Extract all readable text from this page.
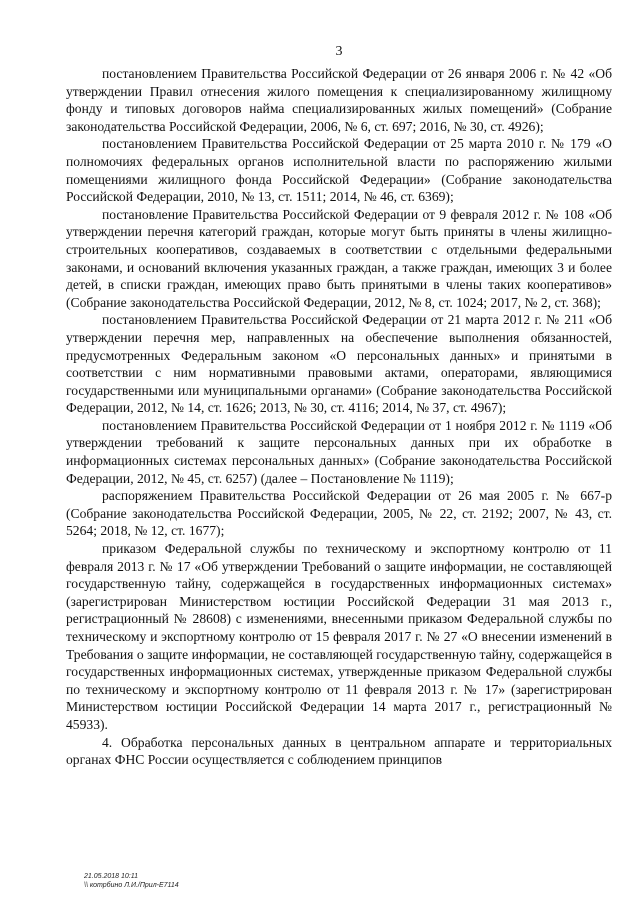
3

постановлением Правительства Российской Федерации от 26 января 2006 г. № 42 «Об утверждении Правил отнесения жилого помещения к специализированному жилищному фонду и типовых договоров найма специализированных жилых помещений» (Собрание законодательства Российской Федерации, 2006, № 6, ст. 697; 2016, № 30, ст. 4926);

постановлением Правительства Российской Федерации от 25 марта 2010 г. № 179 «О полномочиях федеральных органов исполнительной власти по распоряжению жилыми помещениями жилищного фонда Российской Федерации» (Собрание законодательства Российской Федерации, 2010, № 13, ст. 1511; 2014, № 46, ст. 6369);

постановление Правительства Российской Федерации от 9 февраля 2012 г. № 108 «Об утверждении перечня категорий граждан, которые могут быть приняты в члены жилищно-строительных кооперативов, создаваемых в соответствии с отдельными федеральными законами, и оснований включения указанных граждан, а также граждан, имеющих 3 и более детей, в списки граждан, имеющих право быть принятыми в члены таких кооперативов» (Собрание законодательства Российской Федерации, 2012, № 8, ст. 1024; 2017, № 2, ст. 368);

постановлением Правительства Российской Федерации от 21 марта 2012 г. № 211 «Об утверждении перечня мер, направленных на обеспечение выполнения обязанностей, предусмотренных Федеральным законом «О персональных данных» и принятыми в соответствии с ним нормативными правовыми актами, операторами, являющимися государственными или муниципальными органами» (Собрание законодательства Российской Федерации, 2012, № 14, ст. 1626; 2013, № 30, ст. 4116; 2014, № 37, ст. 4967);

постановлением Правительства Российской Федерации от 1 ноября 2012 г. № 1119 «Об утверждении требований к защите персональных данных при их обработке в информационных системах персональных данных» (Собрание законодательства Российской Федерации, 2012, № 45, ст. 6257) (далее – Постановление № 1119);

распоряжением Правительства Российской Федерации от 26 мая 2005 г. № 667-р (Собрание законодательства Российской Федерации, 2005, № 22, ст. 2192; 2007, № 43, ст. 5264; 2018, № 12, ст. 1677);

приказом Федеральной службы по техническому и экспортному контролю от 11 февраля 2013 г. № 17 «Об утверждении Требований о защите информации, не составляющей государственную тайну, содержащейся в государственных информационных системах» (зарегистрирован Министерством юстиции Российской Федерации 31 мая 2013 г., регистрационный № 28608) с изменениями, внесенными приказом Федеральной службы по техническому и экспортному контролю от 15 февраля 2017 г. № 27 «О внесении изменений в Требования о защите информации, не составляющей государственную тайну, содержащейся в государственных информационных системах, утвержденные приказом Федеральной службы по техническому и экспортному контролю от 11 февраля 2013 г. № 17» (зарегистрирован Министерством юстиции Российской Федерации 14 марта 2017 г., регистрационный № 45933).

4. Обработка персональных данных в центральном аппарате и территориальных органах ФНС России осуществляется с соблюдением принципов

21.05.2018 10:11
\\ котрбино Л.И./Прил-Е7114
